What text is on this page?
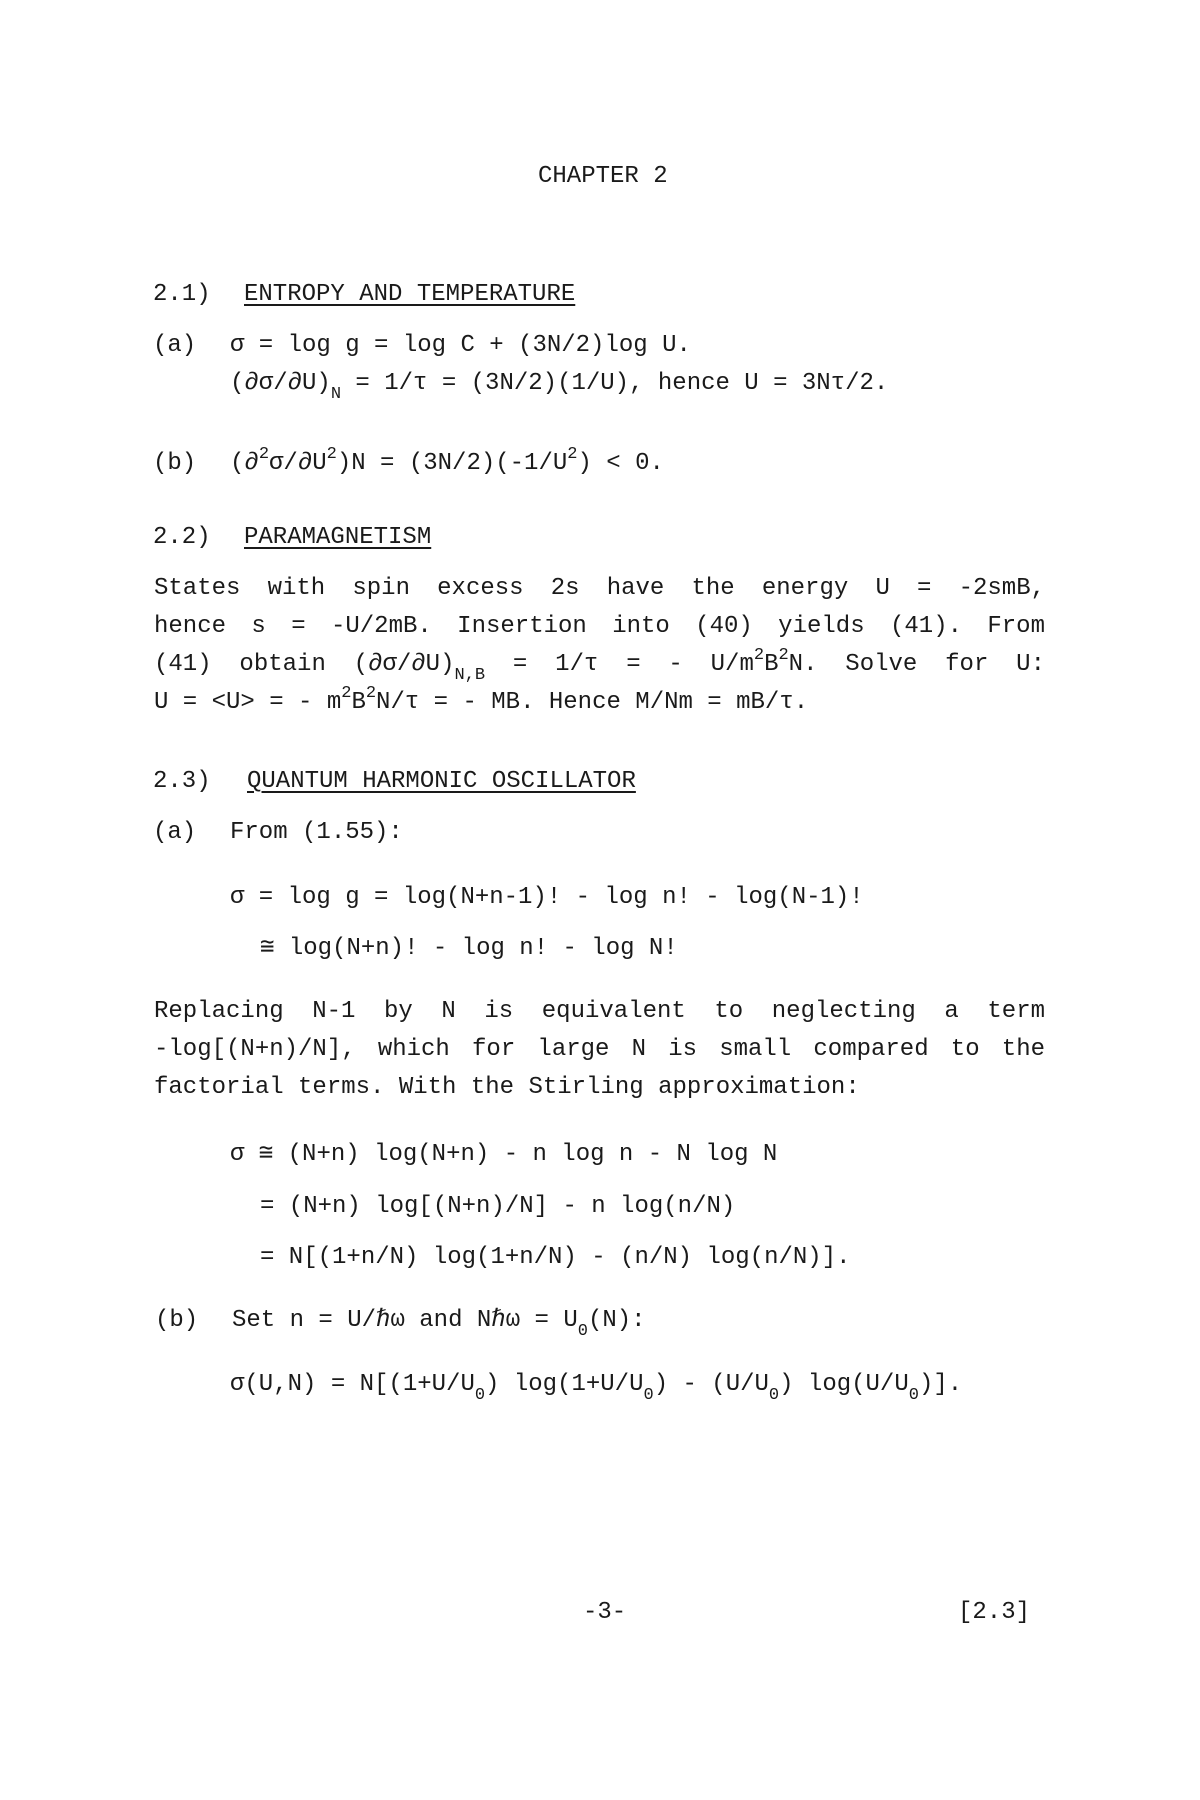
CHAPTER 2
2.1) ENTROPY AND TEMPERATURE
(a) σ = log g = log C + (3N/2)log U.
$(\partial\sigma/\partial U)_N = 1/\tau = (3N/2)(1/U)$, hence U = 3Nτ/2.
(b) $(\partial^2\sigma/\partial U^2)N = (3N/2)(-1/U^2) < 0$.
2.2) PARAMAGNETISM
States with spin excess 2s have the energy U = -2smB,
hence s = -U/2mB. Insertion into (40) yields (41). From
(41) obtain $(\partial\sigma/\partial U)_{N,B} = 1/\tau$ = - $U/m^2B^2N$. Solve for U:
U = <U> = - $m^2B^2N/\tau$ = - MB. Hence M/Nm = mB/τ.
2.3) QUANTUM HARMONIC OSCILLATOR
(a) From (1.55):
σ = log g = log(N+n-1)! - log n! - log(N-1)!
≅ log(N+n)! - log n! - log N!
Replacing N-1 by N is equivalent to neglecting a term
-log[(N+n)/N], which for large N is small compared to the
factorial terms. With the Stirling approximation:
σ ≅ (N+n) log(N+n) - n log n - N log N
= (N+n) log[(N+n)/N] - n log(n/N)
= N[(1+n/N) log(1+n/N) - (n/N) log(n/N)].
(b) Set n = U/ℏω and Nℏω = $U_0(N)$:
$\sigma(U,N) = N[(1+U/U_0)$ $\log(1+U/U_0) - (U/U_0)$ $\log(U/U_0)$].
-3-	[2.3]
